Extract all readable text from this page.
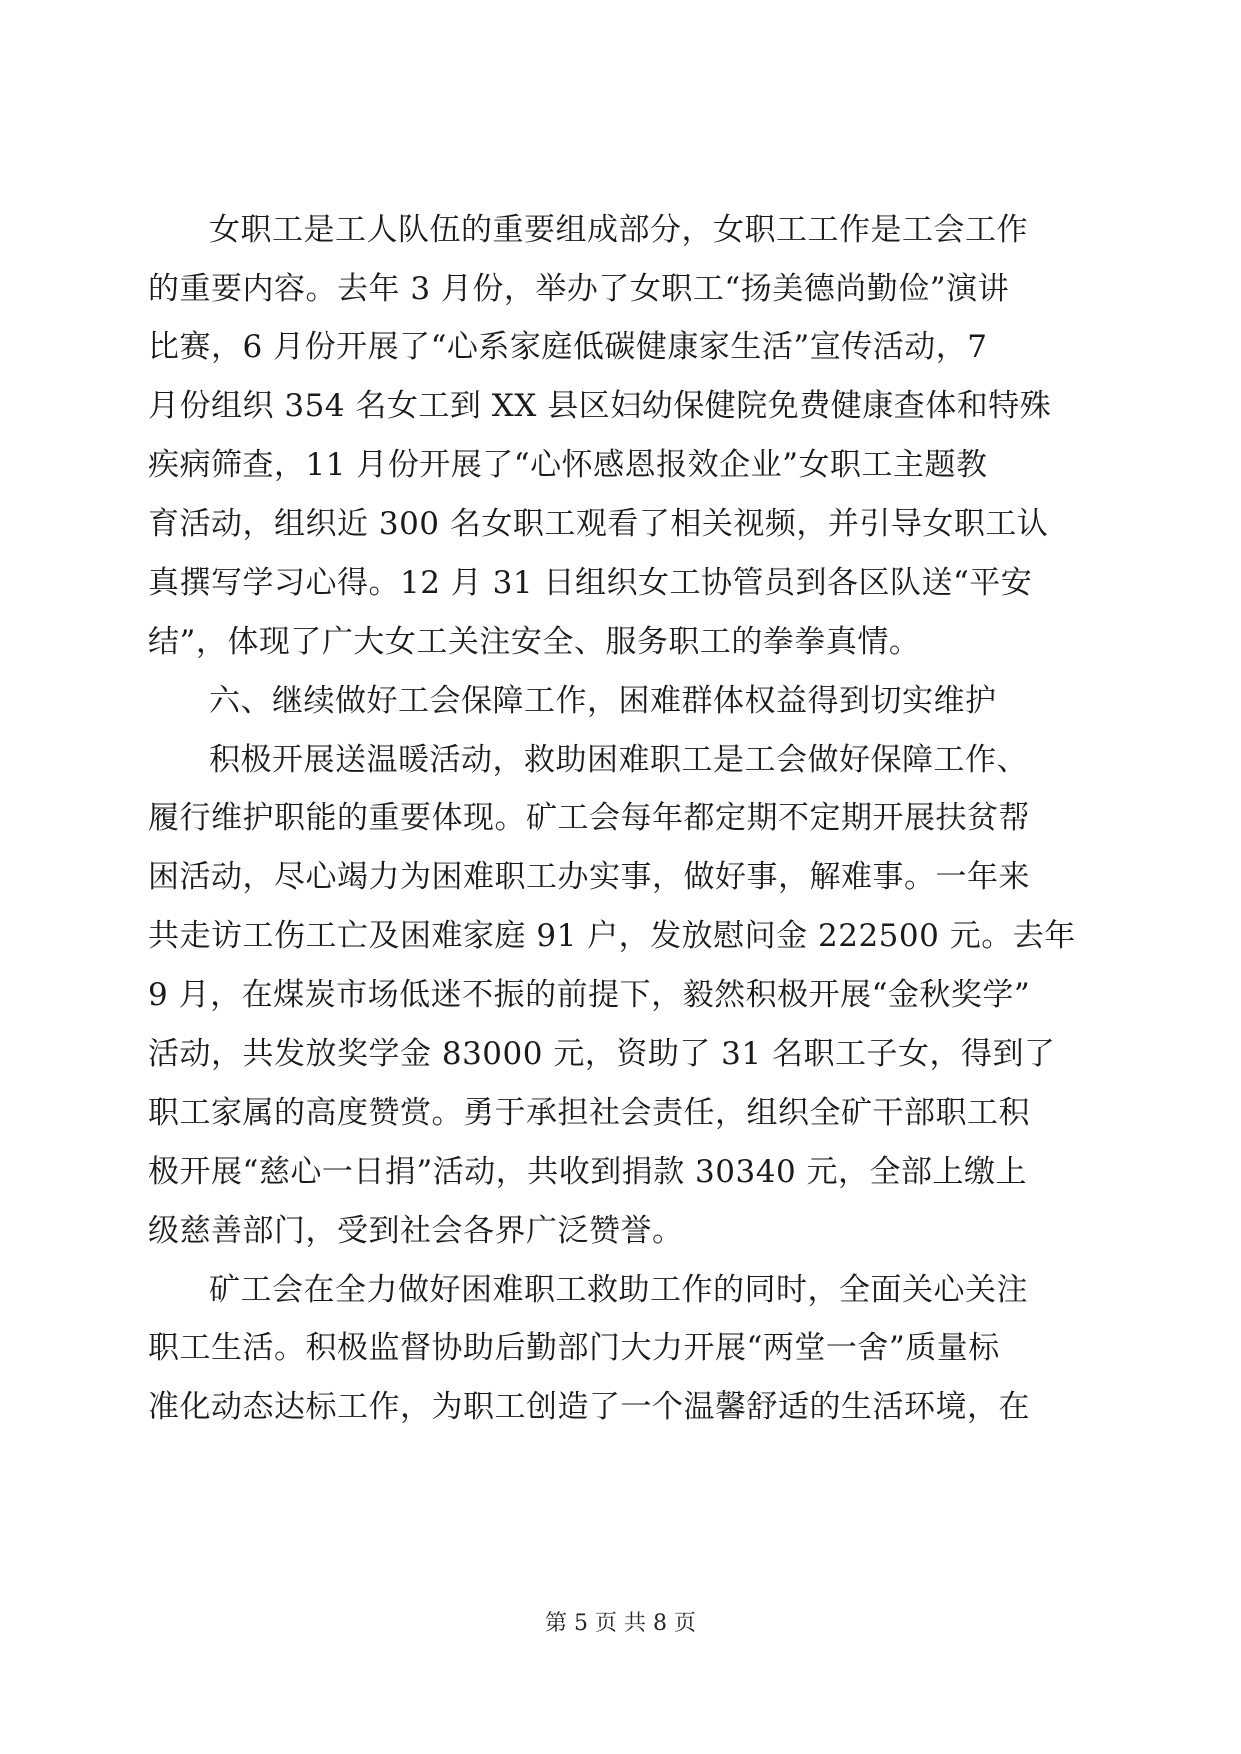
女职工是工人队伍的重要组成部分，女职工工作是工会工作
的重要内容。去年 3 月份，举办了女职工“扬美德尚勤俭”演讲
比赛，6 月份开展了“心系家庭低碳健康家生活”宣传活动，7
月份组织 354 名女工到 XX 县区妇幼保健院免费健康查体和特殊
疾病筛查，11 月份开展了“心怀感恩报效企业”女职工主题教
育活动，组织近 300 名女职工观看了相关视频，并引导女职工认
真撰写学习心得。12 月 31 日组织女工协管员到各区队送“平安
结”，体现了广大女工关注安全、服务职工的拳拳真情。
六、继续做好工会保障工作，困难群体权益得到切实维护
积极开展送温暖活动，救助困难职工是工会做好保障工作、
履行维护职能的重要体现。矿工会每年都定期不定期开展扶贫帮
困活动，尽心竭力为困难职工办实事，做好事，解难事。一年来
共走访工伤工亡及困难家庭 91 户，发放慰问金 222500 元。去年
9 月，在煤炭市场低迷不振的前提下，毅然积极开展“金秋奖学”
活动，共发放奖学金 83000 元，资助了 31 名职工子女，得到了
职工家属的高度赞赏。勇于承担社会责任，组织全矿干部职工积
极开展“慈心一日捐”活动，共收到捐款 30340 元，全部上缴上
级慈善部门，受到社会各界广泛赞誉。
矿工会在全力做好困难职工救助工作的同时，全面关心关注
职工生活。积极监督协助后勤部门大力开展“两堂一舍”质量标
准化动态达标工作，为职工创造了一个温馨舒适的生活环境，在
第 5 页 共 8 页
